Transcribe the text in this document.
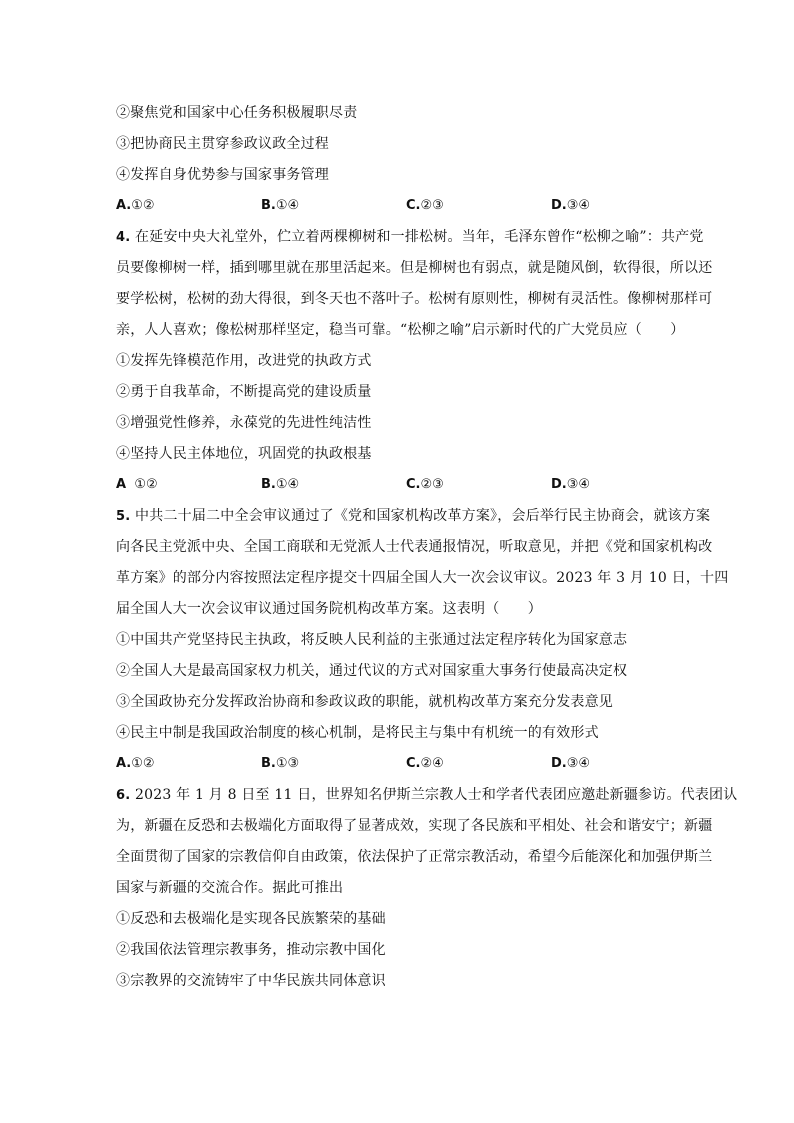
②聚焦党和国家中心任务积极履职尽责
③把协商民主贯穿参政议政全过程
④发挥自身优势参与国家事务管理
A.①②	B.①④	C.②③	D.③④
4. 在延安中央大礼堂外，伫立着两棵柳树和一排松树。当年，毛泽东曾作“松柳之喻”：共产党
员要像柳树一样，插到哪里就在那里活起来。但是柳树也有弱点，就是随风倒，软得很，所以还
要学松树，松树的劲大得很，到冬天也不落叶子。松树有原则性，柳树有灵活性。像柳树那样可
亲，人人喜欢；像松树那样坚定，稳当可靠。“松柳之喻”启示新时代的广大党员应（　　）
①发挥先锋模范作用，改进党的执政方式
②勇于自我革命，不断提高党的建设质量
③增强党性修养，永葆党的先进性纯洁性
④坚持人民主体地位，巩固党的执政根基
A ①②	B.①④	C.②③	D.③④
5. 中共二十届二中全会审议通过了《党和国家机构改革方案》，会后举行民主协商会，就该方案
向各民主党派中央、全国工商联和无党派人士代表通报情况，听取意见，并把《党和国家机构改
革方案》的部分内容按照法定程序提交十四届全国人大一次会议审议。2023 年 3 月 10 日，十四
届全国人大一次会议审议通过国务院机构改革方案。这表明（　　）
①中国共产党坚持民主执政，将反映人民利益的主张通过法定程序转化为国家意志
②全国人大是最高国家权力机关，通过代议的方式对国家重大事务行使最高决定权
③全国政协充分发挥政治协商和参政议政的职能，就机构改革方案充分发表意见
④民主中制是我国政治制度的核心机制，是将民主与集中有机统一的有效形式
A.①②	B.①③	C.②④	D.③④
6. 2023 年 1 月 8 日至 11 日，世界知名伊斯兰宗教人士和学者代表团应邀赴新疆参访。代表团认
为，新疆在反恐和去极端化方面取得了显著成效，实现了各民族和平相处、社会和谐安宁；新疆
全面贯彻了国家的宗教信仰自由政策，依法保护了正常宗教活动，希望今后能深化和加强伊斯兰
国家与新疆的交流合作。据此可推出
①反恐和去极端化是实现各民族繁荣的基础
②我国依法管理宗教事务，推动宗教中国化
③宗教界的交流铸牢了中华民族共同体意识
